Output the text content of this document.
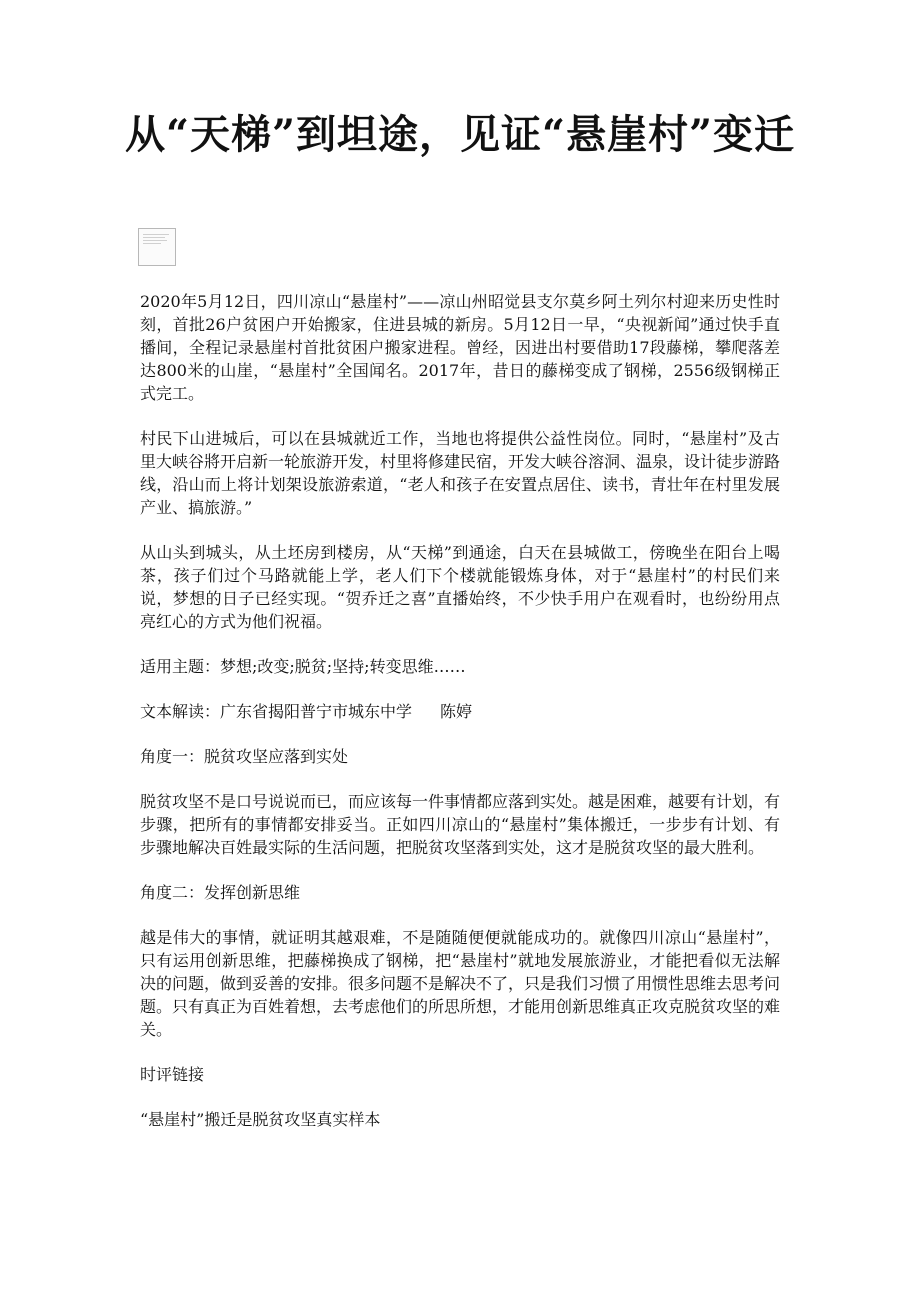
从“天梯”到坦途，见证“悬崖村”变迁

2020年5月12日，四川凉山“悬崖村”——凉山州昭觉县支尔莫乡阿土列尔村迎来历史性时刻，首批26户贫困户开始搬家，住进县城的新房。5月12日一早，“央视新闻”通过快手直播间，全程记录悬崖村首批贫困户搬家进程。曾经，因进出村要借助17段藤梯，攀爬落差达800米的山崖，“悬崖村”全国闻名。2017年，昔日的藤梯变成了钢梯，2556级钢梯正式完工。

村民下山进城后，可以在县城就近工作，当地也将提供公益性岗位。同时，“悬崖村”及古里大峡谷將开启新一轮旅游开发，村里将修建民宿，开发大峡谷溶洞、温泉，设计徒步游路线，沿山而上将计划架设旅游索道，“老人和孩子在安置点居住、读书，青壮年在村里发展产业、搞旅游。”

从山头到城头，从土坯房到楼房，从“天梯”到通途，白天在县城做工，傍晚坐在阳台上喝茶，孩子们过个马路就能上学，老人们下个楼就能锻炼身体，对于“悬崖村”的村民们来说，梦想的日子已经实现。“贺乔迁之喜”直播始终，不少快手用户在观看时，也纷纷用点亮红心的方式为他们祝福。

适用主题：梦想;改变;脱贫;坚持;转变思维……

文本解读：广东省揭阳普宁市城东中学 陈婷

角度一：脱贫攻坚应落到实处

脱贫攻坚不是口号说说而已，而应该每一件事情都应落到实处。越是困难，越要有计划，有步骤，把所有的事情都安排妥当。正如四川凉山的“悬崖村”集体搬迁，一步步有计划、有步骤地解决百姓最实际的生活问题，把脱贫攻坚落到实处，这才是脱贫攻坚的最大胜利。

角度二：发挥创新思维

越是伟大的事情，就证明其越艰难，不是随随便便就能成功的。就像四川凉山“悬崖村”，只有运用创新思维，把藤梯换成了钢梯，把“悬崖村”就地发展旅游业，才能把看似无法解决的问题，做到妥善的安排。很多问题不是解决不了，只是我们习惯了用惯性思维去思考问题。只有真正为百姓着想，去考虑他们的所思所想，才能用创新思维真正攻克脱贫攻坚的难关。

时评链接

“悬崖村”搬迁是脱贫攻坚真实样本
